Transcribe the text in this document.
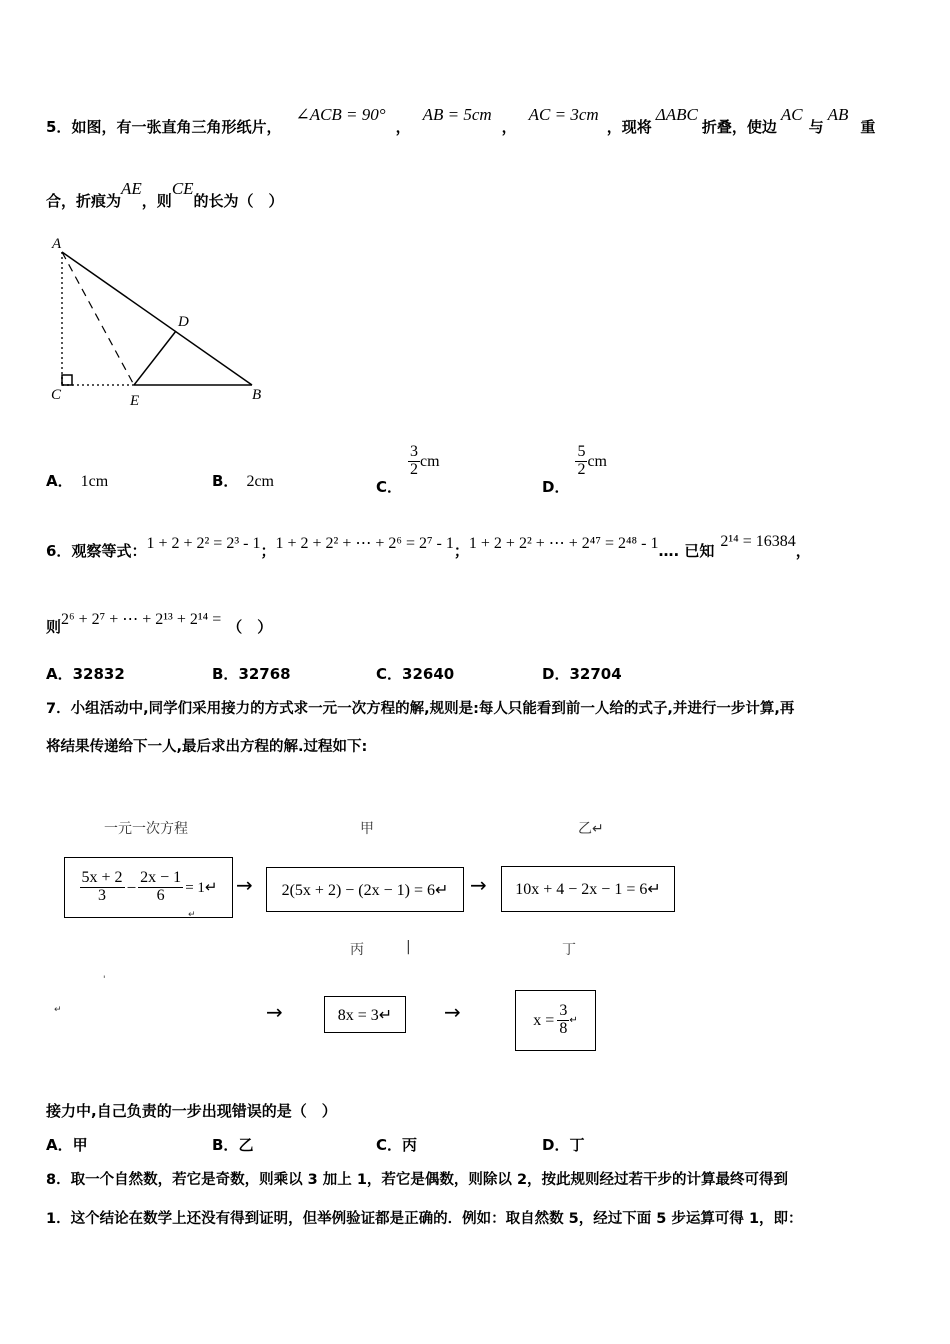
5．如图，有一张直角三角形纸片，∠ACB = 90°，AB = 5cm，AC = 3cm，现将ΔABC折叠，使边AC与AB重
合，折痕为AE，则CE的长为（　）
A
D
C	E	B
A． 1cm	B． 2cm	C．
$\frac{3}{2}$ cm
D．
$\frac{5}{2}$ cm
6．观察等式：1 + 2 + 2² = 2³ - 1；1 + 2 + 2² + ⋯ + 2⁶ = 2⁷ - 1；1 + 2 + 2² + ⋯ + 2⁴⁷ = 2⁴⁸ - 1…. 已知2¹⁴ = 16384，
则2⁶ + 2⁷ + ⋯ + 2¹³ + 2¹⁴ = （　）
A．32832	B．32768	C．32640	D．32704
7．小组活动中,同学们采用接力的方式求一元一次方程的解,规则是:每人只能看到前一人给的式子,并进行一步计算,再
将结果传递给下一人,最后求出方程的解.过程如下:
一元一次方程	甲	乙↵
$\frac{5x + 2}{3} - \frac{2x - 1}{6}$ = 1↵ →	2(5x + 2) − (2x − 1) = 6↵	→	10x + 4 − 2x − 1 = 6↵
↵
丙	|	丁
'
↵	→	8x = 3↵	→	$x = \frac{3}{8}$ ↵
接力中,自己负责的一步出现错误的是（　）
A．甲	B．乙	C．丙	D．丁
8．取一个自然数，若它是奇数，则乘以 3 加上 1，若它是偶数，则除以 2，按此规则经过若干步的计算最终可得到
1．这个结论在数学上还没有得到证明，但举例验证都是正确的．例如：取自然数 5，经过下面 5 步运算可得 1，即：
